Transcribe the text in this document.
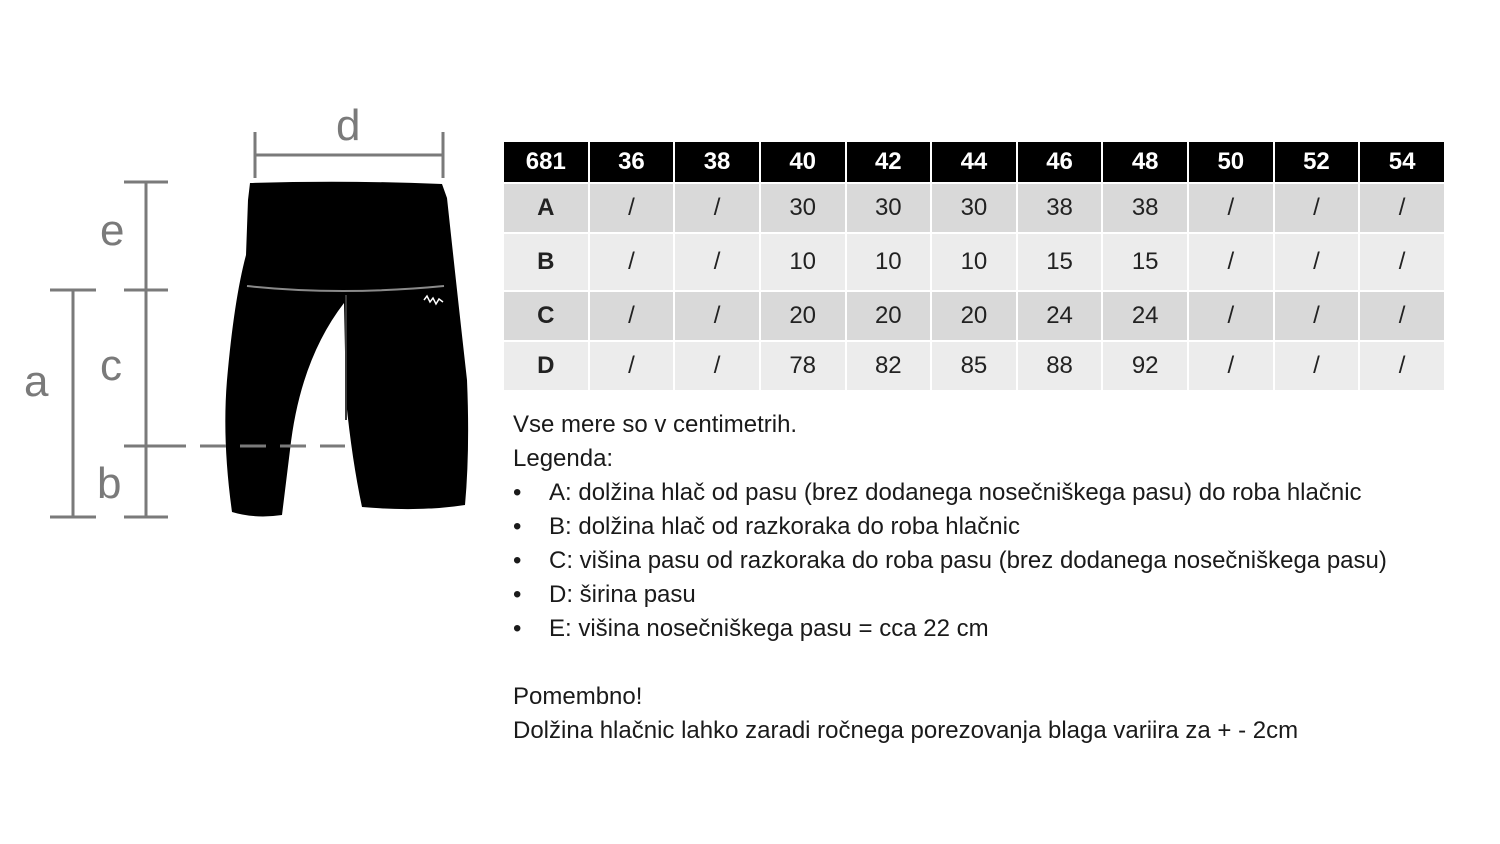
d
e
c
b
a
681	36	38	40	42	44	46	48	50	52	54
A	/	/	30	30	30	38	38	/	/	/
B	/	/	10	10	10	15	15	/	/	/
C	/	/	20	20	20	24	24	/	/	/
D	/	/	78	82	85	88	92	/	/	/

Vse mere so v centimetrih.

Legenda:

• A: dolžina hlač od pasu (brez dodanega nosečniškega pasu) do roba hlačnic
• B: dolžina hlač od razkoraka do roba hlačnic
• C: višina pasu od razkoraka do roba pasu (brez dodanega nosečniškega pasu)
• D: širina pasu
• E: višina nosečniškega pasu = cca 22 cm

Pomembno!

Dolžina hlačnic lahko zaradi ročnega porezovanja blaga variira za + - 2cm
